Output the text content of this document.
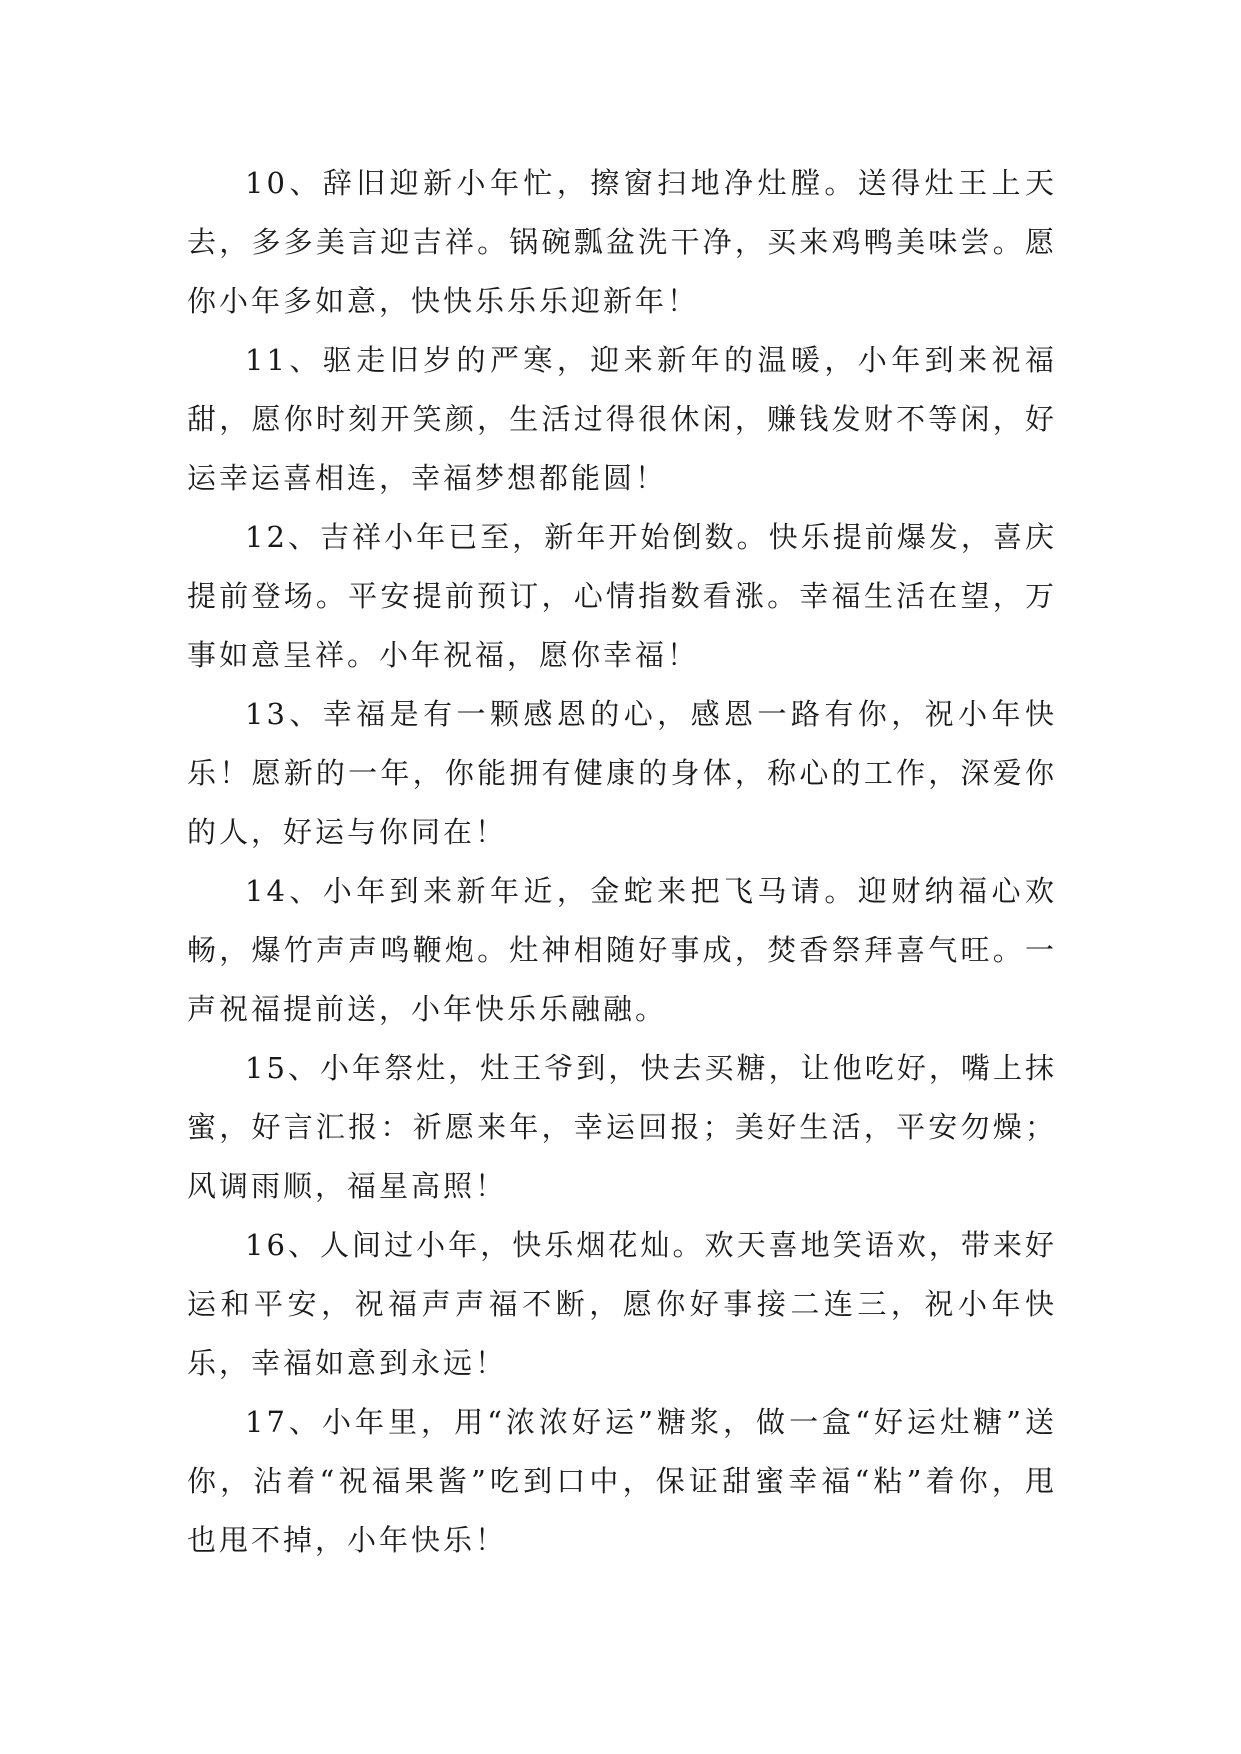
10、辞旧迎新小年忙，擦窗扫地净灶膛。送得灶王上天去，多多美言迎吉祥。锅碗瓢盆洗干净，买来鸡鸭美味尝。愿你小年多如意，快快乐乐乐迎新年！

11、驱走旧岁的严寒，迎来新年的温暖，小年到来祝福甜，愿你时刻开笑颜，生活过得很休闲，赚钱发财不等闲，好运幸运喜相连，幸福梦想都能圆！

12、吉祥小年已至，新年开始倒数。快乐提前爆发，喜庆提前登场。平安提前预订，心情指数看涨。幸福生活在望，万事如意呈祥。小年祝福，愿你幸福！

13、幸福是有一颗感恩的心，感恩一路有你，祝小年快乐！愿新的一年，你能拥有健康的身体，称心的工作，深爱你的人，好运与你同在！

14、小年到来新年近，金蛇来把飞马请。迎财纳福心欢畅，爆竹声声鸣鞭炮。灶神相随好事成，焚香祭拜喜气旺。一声祝福提前送，小年快乐乐融融。

15、小年祭灶，灶王爷到，快去买糖，让他吃好，嘴上抹蜜，好言汇报：祈愿来年，幸运回报；美好生活，平安勿燥；风调雨顺，福星高照！

16、人间过小年，快乐烟花灿。欢天喜地笑语欢，带来好运和平安，祝福声声福不断，愿你好事接二连三，祝小年快乐，幸福如意到永远！

17、小年里，用“浓浓好运”糖浆，做一盒“好运灶糖”送你，沾着“祝福果酱”吃到口中，保证甜蜜幸福“粘”着你，甩也甩不掉，小年快乐！
